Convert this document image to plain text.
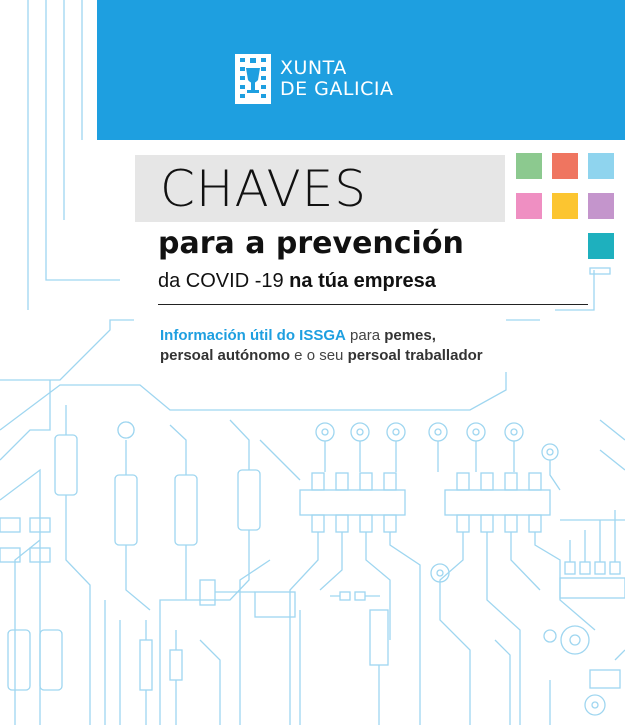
XUNTA
DE GALICIA
CHAVES
para a prevención
da COVID -19 na túa empresa
Información útil do ISSGA para pemes,
persoal autónomo e o seu persoal traballador
